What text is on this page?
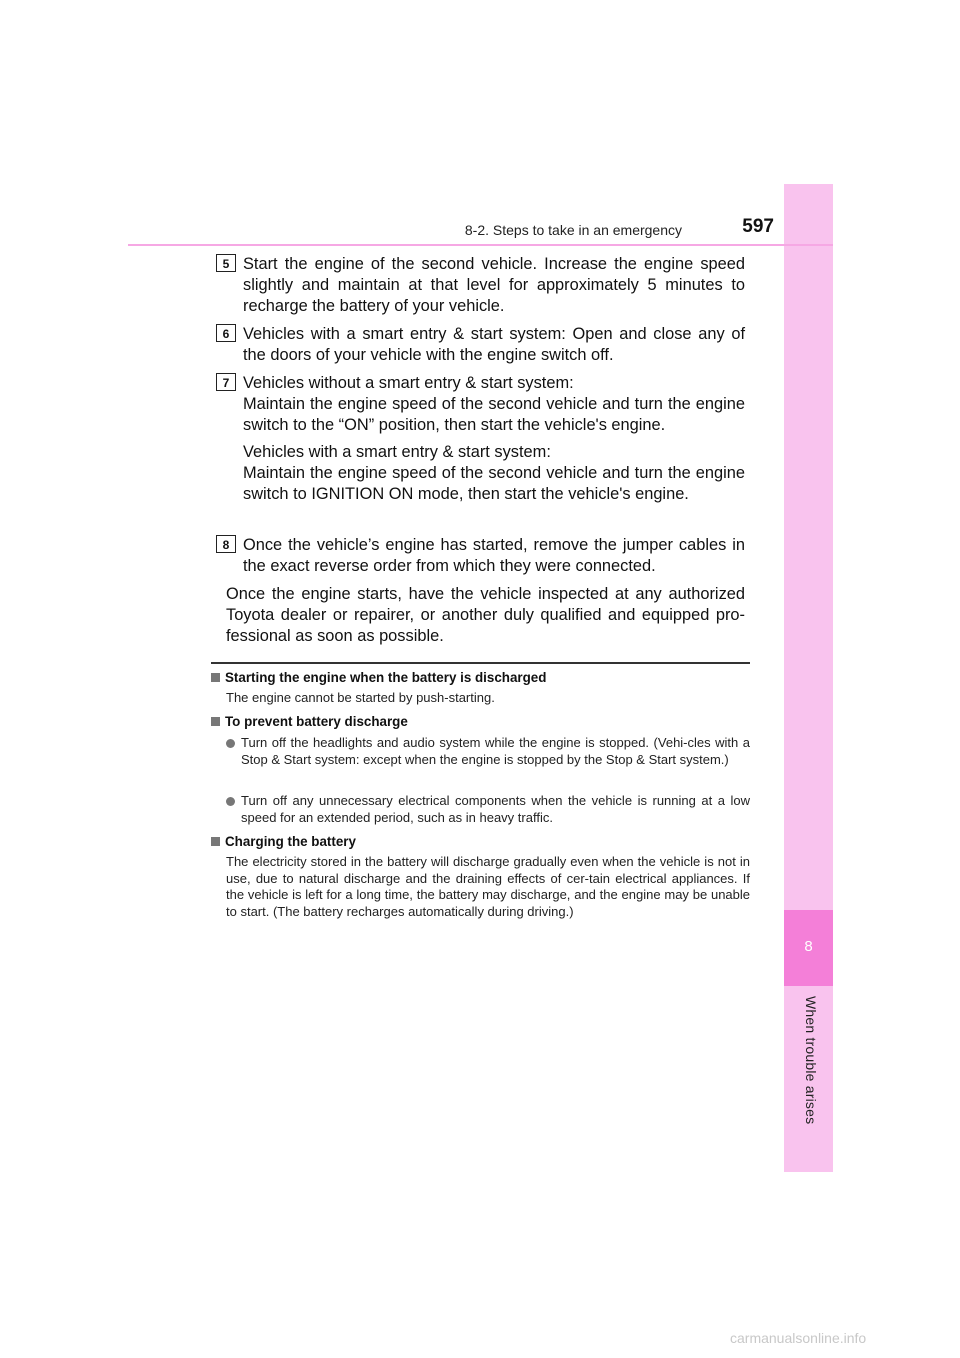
8
When trouble arises
8-2. Steps to take in an emergency	597
5 Start the engine of the second vehicle. Increase the engine speed slightly and maintain at that level for approximately 5 minutes to recharge the battery of your vehicle.
6 Vehicles with a smart entry & start system: Open and close any of the doors of your vehicle with the engine switch off.
7 Vehicles without a smart entry & start system:
Maintain the engine speed of the second vehicle and turn the engine switch to the “ON” position, then start the vehicle's engine.
Vehicles with a smart entry & start system:
Maintain the engine speed of the second vehicle and turn the engine switch to IGNITION ON mode, then start the vehicle's engine.
8 Once the vehicle’s engine has started, remove the jumper cables in the exact reverse order from which they were connected.
Once the engine starts, have the vehicle inspected at any authorized Toyota dealer or repairer, or another duly qualified and equipped pro-fessional as soon as possible.
Starting the engine when the battery is discharged
The engine cannot be started by push-starting.
To prevent battery discharge
Turn off the headlights and audio system while the engine is stopped. (Vehi-cles with a Stop & Start system: except when the engine is stopped by the Stop & Start system.)
Turn off any unnecessary electrical components when the vehicle is running at a low speed for an extended period, such as in heavy traffic.
Charging the battery
The electricity stored in the battery will discharge gradually even when the vehicle is not in use, due to natural discharge and the draining effects of cer-tain electrical appliances. If the vehicle is left for a long time, the battery may discharge, and the engine may be unable to start. (The battery recharges automatically during driving.)
carmanualsonline.info
